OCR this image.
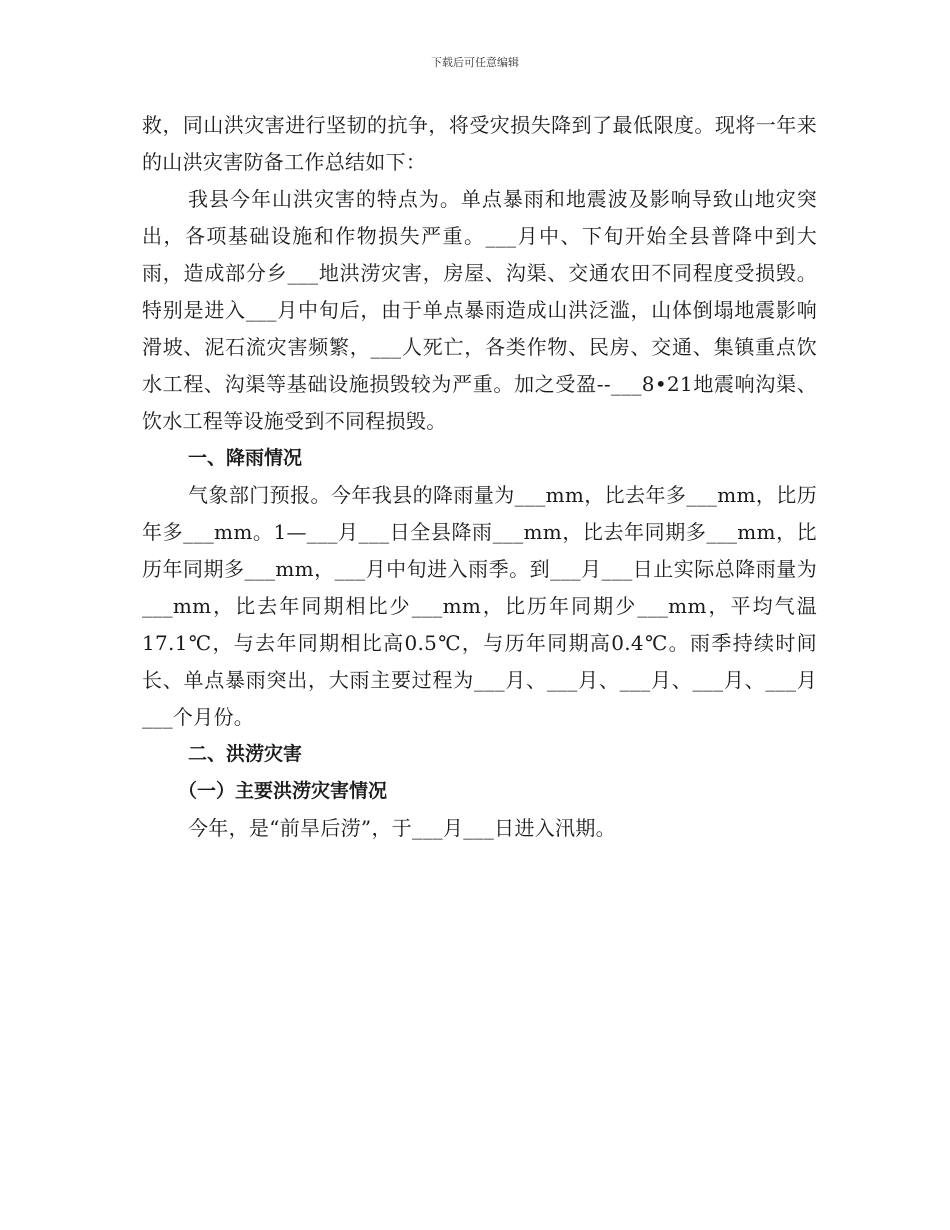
下载后可任意编辑

救，同山洪灾害进行坚韧的抗争，将受灾损失降到了最低限度。现将一年来的山洪灾害防备工作总结如下：

我县今年山洪灾害的特点为。单点暴雨和地震波及影响导致山地灾突出，各项基础设施和作物损失严重。___月中、下旬开始全县普降中到大雨，造成部分乡___地洪涝灾害，房屋、沟渠、交通农田不同程度受损毁。特别是进入___月中旬后，由于单点暴雨造成山洪泛滥，山体倒塌地震影响滑坡、泥石流灾害频繁，___人死亡，各类作物、民房、交通、集镇重点饮水工程、沟渠等基础设施损毁较为严重。加之受盈--___8•21地震响沟渠、饮水工程等设施受到不同程损毁。

一、降雨情况

气象部门预报。今年我县的降雨量为___mm，比去年多___mm，比历年多___mm。1—___月___日全县降雨___mm，比去年同期多___mm，比历年同期多___mm，___月中旬进入雨季。到___月___日止实际总降雨量为___mm，比去年同期相比少___mm，比历年同期少___mm，平均气温17.1℃，与去年同期相比高0.5℃，与历年同期高0.4℃。雨季持续时间长、单点暴雨突出，大雨主要过程为___月、___月、___月、___月、___月___个月份。

二、洪涝灾害

（一）主要洪涝灾害情况

今年，是“前旱后涝”，于___月___日进入汛期。
